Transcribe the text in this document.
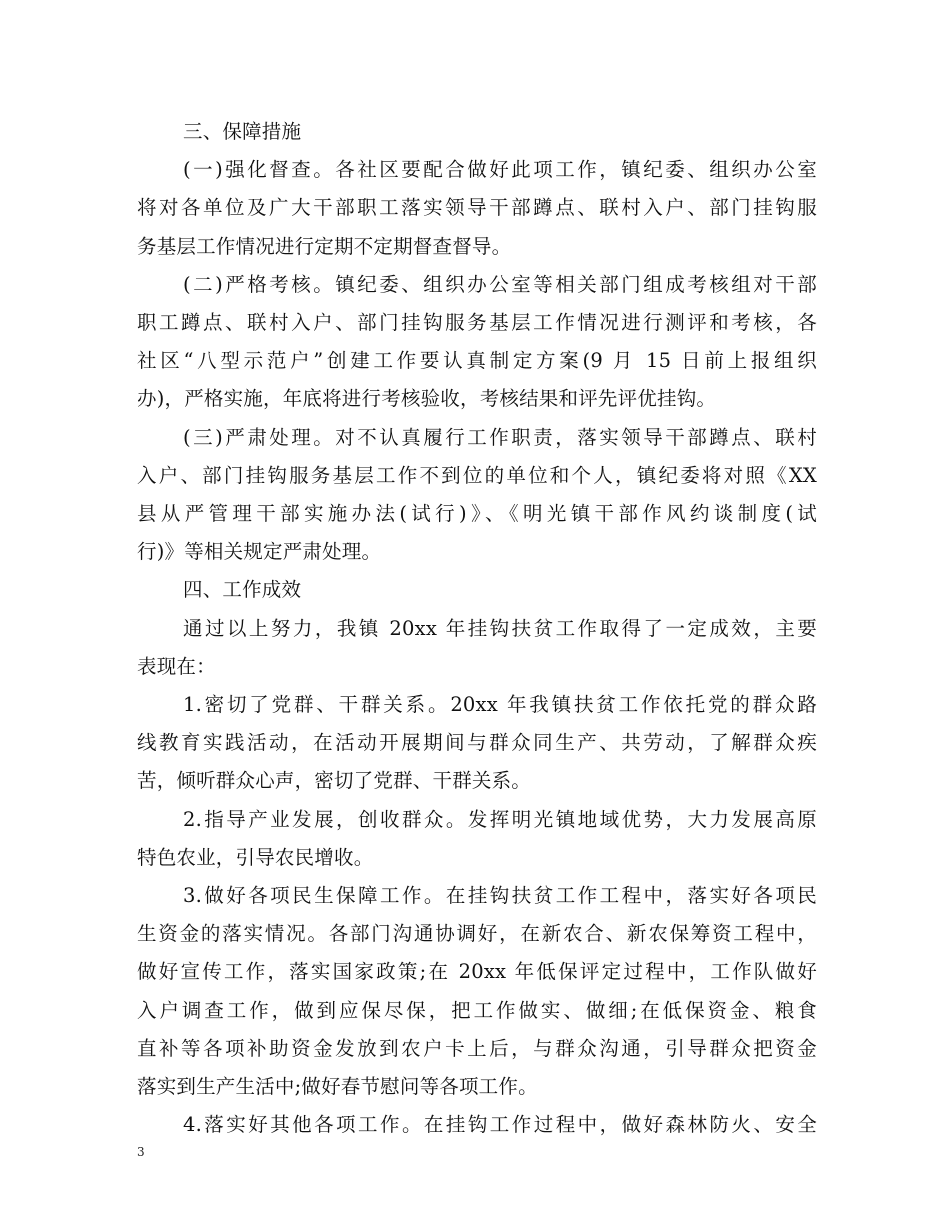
三、保障措施
(一)强化督查。各社区要配合做好此项工作，镇纪委、组织办公室
将对各单位及广大干部职工落实领导干部蹲点、联村入户、部门挂钩服
务基层工作情况进行定期不定期督查督导。
(二)严格考核。镇纪委、组织办公室等相关部门组成考核组对干部
职工蹲点、联村入户、部门挂钩服务基层工作情况进行测评和考核，各
社区“八型示范户”创建工作要认真制定方案(9 月 15 日前上报组织
办)，严格实施，年底将进行考核验收，考核结果和评先评优挂钩。
(三)严肃处理。对不认真履行工作职责，落实领导干部蹲点、联村
入户、部门挂钩服务基层工作不到位的单位和个人，镇纪委将对照《XX
县从严管理干部实施办法(试行)》、《明光镇干部作风约谈制度(试
行)》等相关规定严肃处理。
四、工作成效
通过以上努力，我镇 20xx 年挂钩扶贫工作取得了一定成效，主要
表现在：
1.密切了党群、干群关系。20xx 年我镇扶贫工作依托党的群众路
线教育实践活动，在活动开展期间与群众同生产、共劳动，了解群众疾
苦，倾听群众心声，密切了党群、干群关系。
2.指导产业发展，创收群众。发挥明光镇地域优势，大力发展高原
特色农业，引导农民增收。
3.做好各项民生保障工作。在挂钩扶贫工作工程中，落实好各项民
生资金的落实情况。各部门沟通协调好，在新农合、新农保筹资工程中，
做好宣传工作，落实国家政策;在 20xx 年低保评定过程中，工作队做好
入户调查工作，做到应保尽保，把工作做实、做细;在低保资金、粮食
直补等各项补助资金发放到农户卡上后，与群众沟通，引导群众把资金
落实到生产生活中;做好春节慰问等各项工作。
4.落实好其他各项工作。在挂钩工作过程中，做好森林防火、安全
3
